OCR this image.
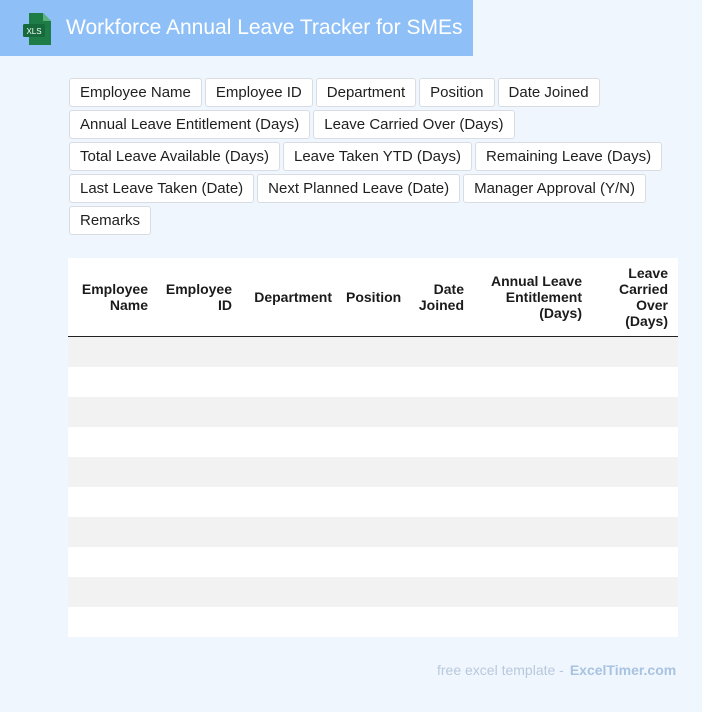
XLS Workforce Annual Leave Tracker for SMEs
Employee Name	Employee ID	Department	Position	Date Joined
Annual Leave Entitlement (Days)	Leave Carried Over (Days)
Total Leave Available (Days)	Leave Taken YTD (Days)	Remaining Leave (Days)
Last Leave Taken (Date)	Next Planned Leave (Date)	Manager Approval (Y/N)
Remarks
Employee Name	Employee ID	Department	Position	Date Joined	Annual Leave Entitlement (Days)	Leave Carried Over (Days)

free excel template - ExcelTimer.com
